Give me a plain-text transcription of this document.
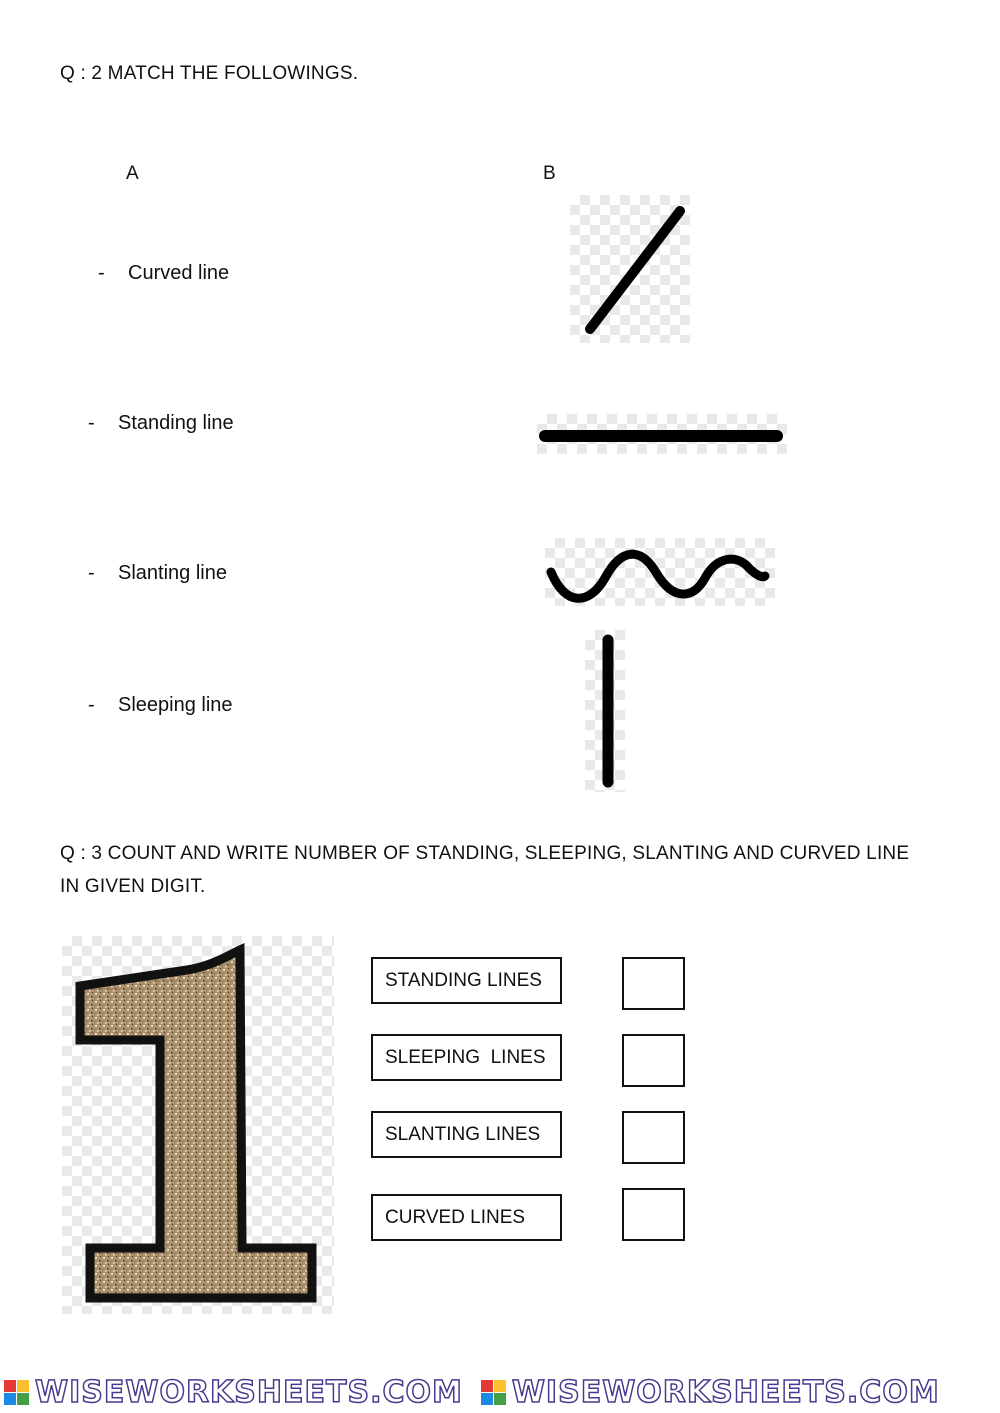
Q : 2 MATCH THE FOLLOWINGS.
A	B
- Curved line
- Standing line
- Slanting line
- Sleeping line
Q : 3 COUNT AND WRITE NUMBER OF STANDING, SLEEPING, SLANTING AND CURVED LINE
IN GIVEN DIGIT.
STANDING LINES
SLEEPING  LINES
SLANTING LINES
CURVED LINES
WISEWORKSHEETS.COM WISEWORKSHEETS.COM
